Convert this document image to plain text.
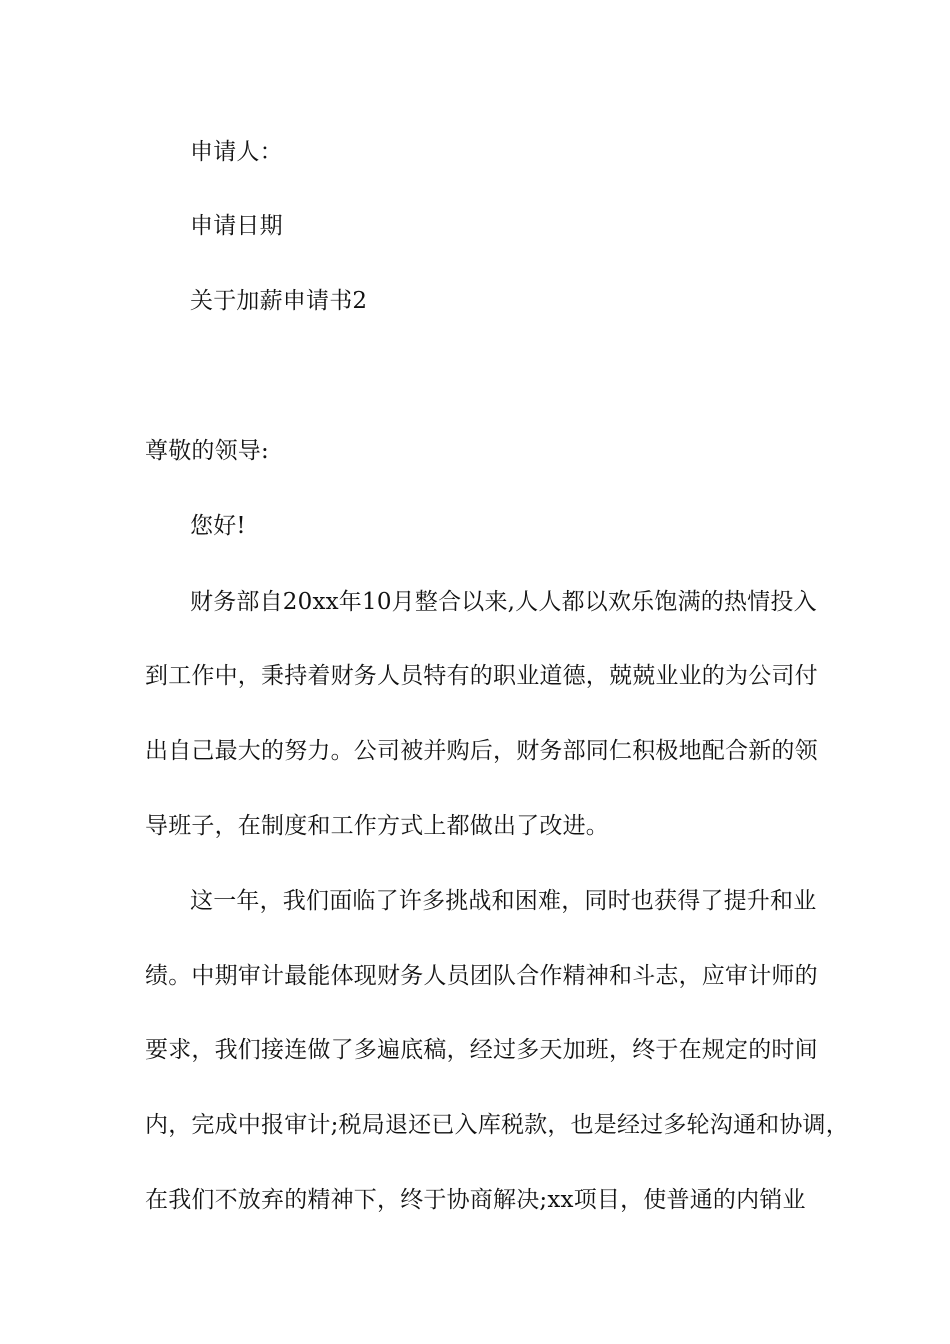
申请人：

申请日期

关于加薪申请书2

尊敬的领导:

您好!

财务部自20xx年10月整合以来,人人都以欢乐饱满的热情投入

到工作中，秉持着财务人员特有的职业道德，兢兢业业的为公司付

出自己最大的努力。公司被并购后，财务部同仁积极地配合新的领

导班子，在制度和工作方式上都做出了改进。

这一年，我们面临了许多挑战和困难，同时也获得了提升和业

绩。中期审计最能体现财务人员团队合作精神和斗志，应审计师的

要求，我们接连做了多遍底稿，经过多天加班，终于在规定的时间

内，完成中报审计;税局退还已入库税款，也是经过多轮沟通和协调，

在我们不放弃的精神下，终于协商解决;xx项目，使普通的内销业
